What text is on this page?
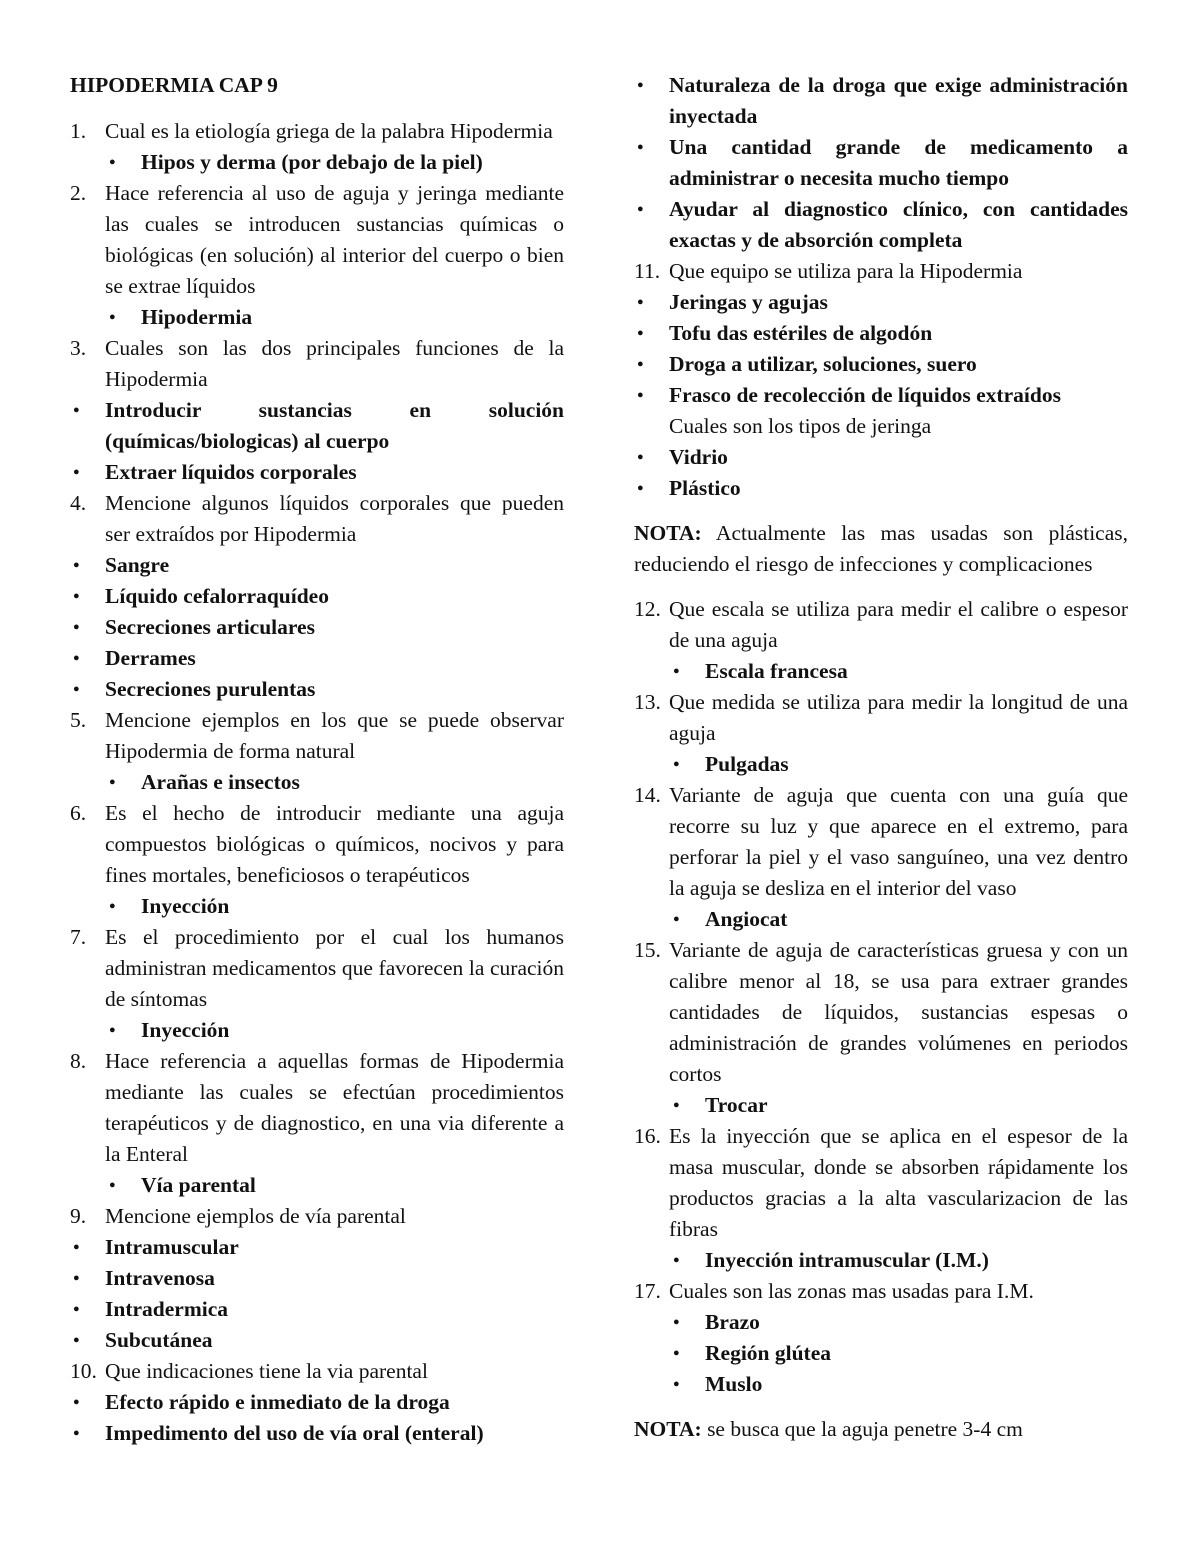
HIPODERMIA CAP 9
1. Cual es la etiología griega de la palabra Hipodermia
● Hipos y derma (por debajo de la piel)
2. Hace referencia al uso de aguja y jeringa mediante las cuales se introducen sustancias químicas o biológicas (en solución) al interior del cuerpo o bien se extrae líquidos
● Hipodermia
3. Cuales son las dos principales funciones de la Hipodermia
● Introducir sustancias en solución (químicas/biologicas) al cuerpo
● Extraer líquidos corporales
4. Mencione algunos líquidos corporales que pueden ser extraídos por Hipodermia
● Sangre
● Líquido cefalorraquídeo
● Secreciones articulares
● Derrames
● Secreciones purulentas
5. Mencione ejemplos en los que se puede observar Hipodermia de forma natural
● Arañas e insectos
6. Es el hecho de introducir mediante una aguja compuestos biológicas o químicos, nocivos y para fines mortales, beneficiosos o terapéuticos
● Inyección
7. Es el procedimiento por el cual los humanos administran medicamentos que favorecen la curación de síntomas
● Inyección
8. Hace referencia a aquellas formas de Hipodermia mediante las cuales se efectúan procedimientos terapéuticos y de diagnostico, en una via diferente a la Enteral
● Vía parental
9. Mencione ejemplos de vía parental
● Intramuscular
● Intravenosa
● Intradermica
● Subcutánea
10. Que indicaciones tiene la via parental
● Efecto rápido e inmediato de la droga
● Impedimento del uso de vía oral (enteral)
● Naturaleza de la droga que exige administración inyectada
● Una cantidad grande de medicamento a administrar o necesita mucho tiempo
● Ayudar al diagnostico clínico, con cantidades exactas y de absorción completa
11. Que equipo se utiliza para la Hipodermia
● Jeringas y agujas
● Tofu das estériles de algodón
● Droga a utilizar, soluciones, suero
● Frasco de recolección de líquidos extraídos
Cuales son los tipos de jeringa
● Vidrio
● Plástico
NOTA: Actualmente las mas usadas son plásticas, reduciendo el riesgo de infecciones y complicaciones
12. Que escala se utiliza para medir el calibre o espesor de una aguja
● Escala francesa
13. Que medida se utiliza para medir la longitud de una aguja
● Pulgadas
14. Variante de aguja que cuenta con una guía que recorre su luz y que aparece en el extremo, para perforar la piel y el vaso sanguíneo, una vez dentro la aguja se desliza en el interior del vaso
● Angiocat
15. Variante de aguja de características gruesa y con un calibre menor al 18, se usa para extraer grandes cantidades de líquidos, sustancias espesas o administración de grandes volúmenes en periodos cortos
● Trocar
16. Es la inyección que se aplica en el espesor de la masa muscular, donde se absorben rápidamente los productos gracias a la alta vascularizacion de las fibras
● Inyección intramuscular (I.M.)
17. Cuales son las zonas mas usadas para I.M.
● Brazo
● Región glútea
● Muslo
NOTA: se busca que la aguja penetre 3-4 cm
